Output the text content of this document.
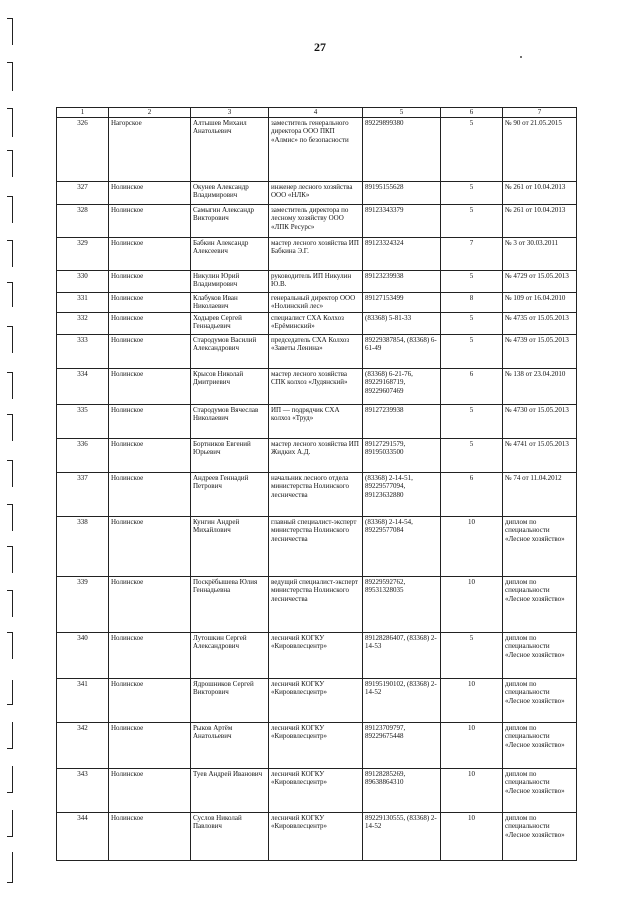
27
1	2	3	4	5	6	7
326	Нагорское	Алтышев Михаил Анатольевич	заместитель генерального директора ООО ПКП «Алмис» по безопасности	89229899380	5	№ 90 от 21.05.2015
327	Нолинское	Окунев Александр Владимирович	инженер лесного хозяйства ООО «НЛК»	89195155628	5	№ 261 от 10.04.2013
328	Нолинское	Самыгин Александр Викторович	заместитель директора по лесному хозяйству ООО «ЛПК Ресурс»	89123343379	5	№ 261 от 10.04.2013
329	Нолинское	Бабкин Александр Алексеевич	мастер лесного хозяйства ИП Бабкина Э.Г.	89123324324	7	№ 3 от 30.03.2011
330	Нолинское	Никулин Юрий Владимирович	руководитель ИП Никулин Ю.В.	89123239938	5	№ 4729 от 15.05.2013
331	Нолинское	Клабуков Иван Николаевич	генеральный директор ООО «Нолинский лес»	89127153499	8	№ 109 от 16.04.2010
332	Нолинское	Ходырев Сергей Геннадьевич	специалист СХА Колхоз «Ерёминский»	(83368) 5-81-33	5	№ 4735 от 15.05.2013
333	Нолинское	Стародумов Василий Александрович	председатель СХА Колхоз «Заветы Ленина»	89229387854, (83368) 6-61-49	5	№ 4739 от 15.05.2013
334	Нолинское	Крысов Николай Дмитриевич	мастер лесного хозяйства СПК колхоз «Лудянский»	(83368) 6-21-76, 89229168719, 89229607469	6	№ 138 от 23.04.2010
335	Нолинское	Стародумов Вячеслав Николаевич	ИП — подрядчик СХА колхоз «Труд»	89127239938	5	№ 4730 от 15.05.2013
336	Нолинское	Бортников Евгений Юрьевич	мастер лесного хозяйства ИП Жидких А.Д.	89127291579, 89195033500	5	№ 4741 от 15.05.2013
337	Нолинское	Андреев Геннадий Петрович	начальник лесного отдела министерства Нолинского лесничества	(83368) 2-14-51, 89229577094, 89123632880	6	№ 74 от 11.04.2012
338	Нолинское	Кунгин Андрей Михайлович	главный специалист-эксперт министерства Нолинского лесничества	(83368) 2-14-54, 89229577084	10	диплом по специальности «Лесное хозяйство»
339	Нолинское	Поскрёбышева Юлия Геннадьевна	ведущий специалист-эксперт министерства Нолинского лесничества	89229592762, 89531328035	10	диплом по специальности «Лесное хозяйство»
340	Нолинское	Лутошкин Сергей Александрович	лесничий КОГКУ «Кироввлесцентр»	89128286407, (83368) 2-14-53	5	диплом по специальности «Лесное хозяйство»
341	Нолинское	Ядрошников Сергей Викторович	лесничий КОГКУ «Кироввлесцентр»	89195190102, (83368) 2-14-52	10	диплом по специальности «Лесное хозяйство»
342	Нолинское	Рыков Артём Анатольевич	лесничий КОГКУ «Кироввлесцентр»	89123709797, 89229675448	10	диплом по специальности «Лесное хозяйство»
343	Нолинское	Туев Андрей Иванович	лесничий КОГКУ «Кироввлесцентр»	89128285269, 89638864310	10	диплом по специальности «Лесное хозяйство»
344	Нолинское	Суслов Николай Павлович	лесничий КОГКУ «Кироввлесцентр»	89229130555, (83368) 2-14-52	10	диплом по специальности «Лесное хозяйство»
